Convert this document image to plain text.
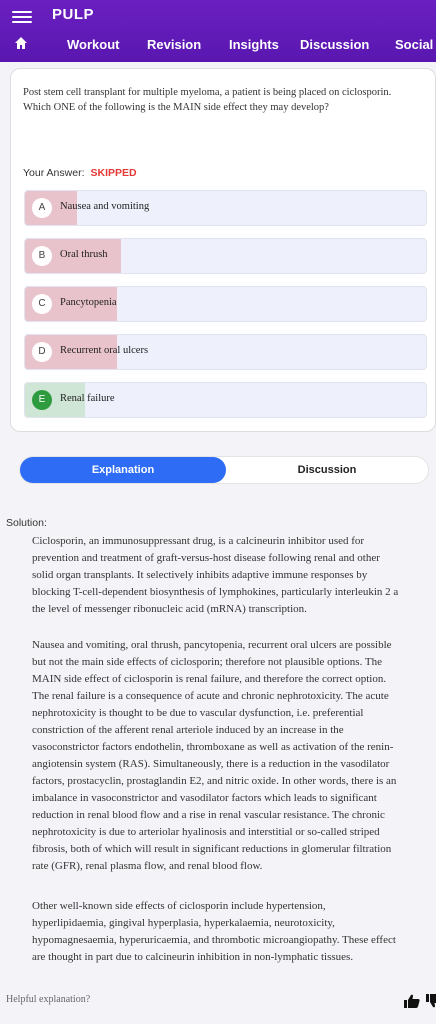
PULP
Workout Revision Insights Discussion Social
Post stem cell transplant for multiple myeloma, a patient is being placed on ciclosporin.
Which ONE of the following is the MAIN side effect they may develop?
Your Answer: SKIPPED
A	Nausea and vomiting
B	Oral thrush
C	Pancytopenia
D	Recurrent oral ulcers
E	Renal failure
Explanation	Discussion
Solution:
Ciclosporin, an immunosuppressant drug, is a calcineurin inhibitor used for
prevention and treatment of graft-versus-host disease following renal and other
solid organ transplants. It selectively inhibits adaptive immune responses by
blocking T-cell-dependent biosynthesis of lymphokines, particularly interleukin 2 a
the level of messenger ribonucleic acid (mRNA) transcription.
Nausea and vomiting, oral thrush, pancytopenia, recurrent oral ulcers are possible
but not the main side effects of ciclosporin; therefore not plausible options. The
MAIN side effect of ciclosporin is renal failure, and therefore the correct option.
The renal failure is a consequence of acute and chronic nephrotoxicity. The acute
nephrotoxicity is thought to be due to vascular dysfunction, i.e. preferential
constriction of the afferent renal arteriole induced by an increase in the
vasoconstrictor factors endothelin, thromboxane as well as activation of the renin-
angiotensin system (RAS). Simultaneously, there is a reduction in the vasodilator
factors, prostacyclin, prostaglandin E2, and nitric oxide. In other words, there is an
imbalance in vasoconstrictor and vasodilator factors which leads to significant
reduction in renal blood flow and a rise in renal vascular resistance. The chronic
nephrotoxicity is due to arteriolar hyalinosis and interstitial or so-called striped
fibrosis, both of which will result in significant reductions in glomerular filtration
rate (GFR), renal plasma flow, and renal blood flow.
Other well-known side effects of ciclosporin include hypertension,
hyperlipidaemia, gingival hyperplasia, hyperkalaemia, neurotoxicity,
hypomagnesaemia, hyperuricaemia, and thrombotic microangiopathy. These effect
are thought in part due to calcineurin inhibition in non-lymphatic tissues.
Helpful explanation?
